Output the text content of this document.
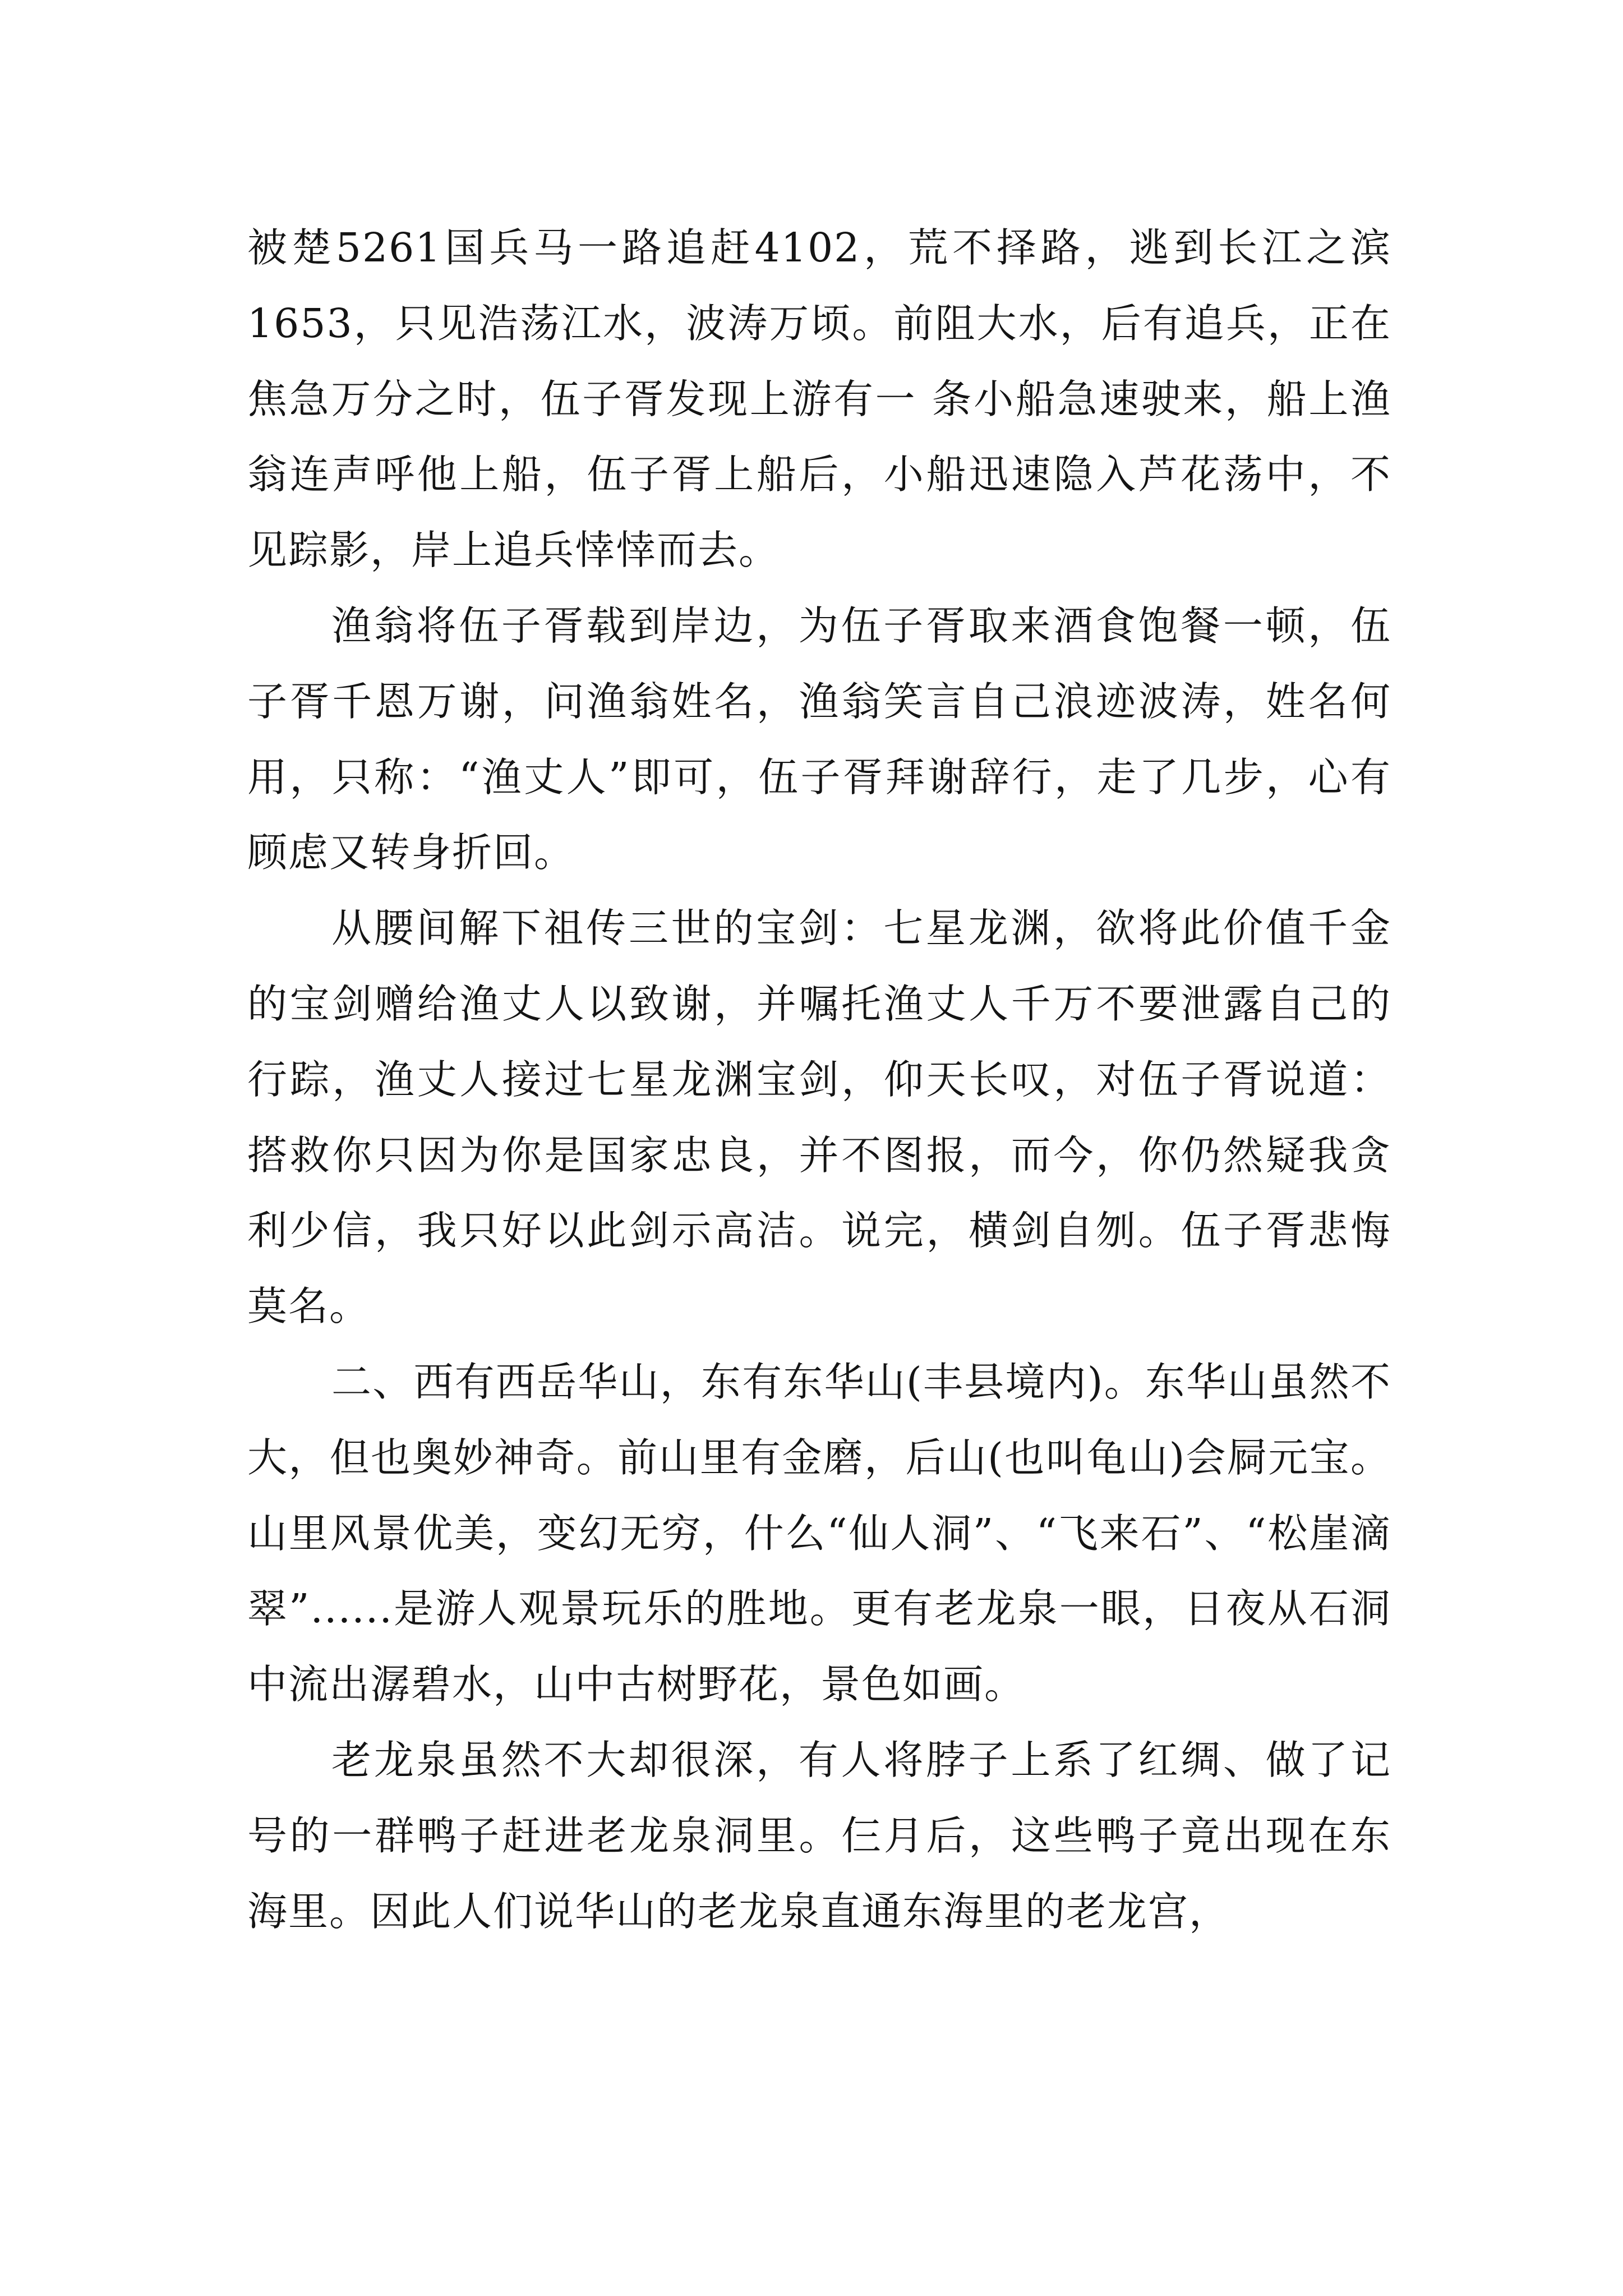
被楚5261国兵马一路追赶4102，荒不择路，逃到长江之滨1653，只见浩荡江水，波涛万顷。前阻大水，后有追兵，正在焦急万分之时，伍子胥发现上游有一 条小船急速驶来，船上渔翁连声呼他上船，伍子胥上船后，小船迅速隐入芦花荡中，不见踪影，岸上追兵悻悻而去。

渔翁将伍子胥载到岸边，为伍子胥取来酒食饱餐一顿，伍子胥千恩万谢，问渔翁姓名，渔翁笑言自己浪迹波涛，姓名何用，只称：“渔丈人”即可，伍子胥拜谢辞行，走了几步，心有顾虑又转身折回。

从腰间解下祖传三世的宝剑：七星龙渊，欲将此价值千金的宝剑赠给渔丈人以致谢，并嘱托渔丈人千万不要泄露自己的行踪，渔丈人接过七星龙渊宝剑，仰天长叹，对伍子胥说道：搭救你只因为你是国家忠良，并不图报，而今，你仍然疑我贪利少信，我只好以此剑示高洁。说完，横剑自刎。伍子胥悲悔莫名。

二、西有西岳华山，东有东华山(丰县境内)。东华山虽然不大，但也奥妙神奇。前山里有金磨，后山(也叫龟山)会屙元宝。山里风景优美，变幻无穷，什么“仙人洞”、“飞来石”、“松崖滴翠”......是游人观景玩乐的胜地。更有老龙泉一眼，日夜从石洞中流出潺碧水，山中古树野花，景色如画。

老龙泉虽然不大却很深，有人将脖子上系了红绸、做了记号的一群鸭子赶进老龙泉洞里。仨月后，这些鸭子竟出现在东海里。因此人们说华山的老龙泉直通东海里的老龙宫，
